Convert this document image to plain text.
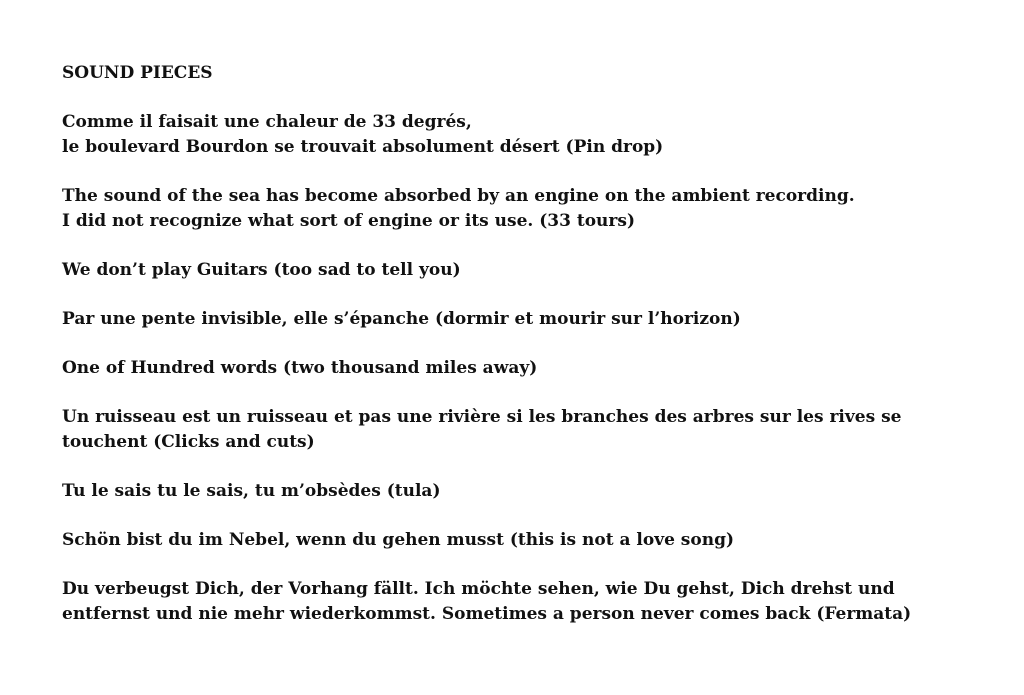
SOUND PIECES
Comme il faisait une chaleur de 33 degrés,
le boulevard Bourdon se trouvait absolument désert (Pin drop)
The sound of the sea has become absorbed by an engine on the ambient recording.
I did not recognize what sort of engine or its use. (33 tours)
We don’t play Guitars (too sad to tell you)
Par une pente invisible, elle s’épanche (dormir et mourir sur l’horizon)
One of Hundred words (two thousand miles away)
Un ruisseau est un ruisseau et pas une rivière si les branches des arbres sur les rives se
touchent (Clicks and cuts)
Tu le sais tu le sais, tu m’obsèdes (tula)
Schön bist du im Nebel, wenn du gehen musst (this is not a love song)
Du verbeugst Dich, der Vorhang fällt. Ich möchte sehen, wie Du gehst, Dich drehst und
entfernst und nie mehr wiederkommst. Sometimes a person never comes back (Fermata)
